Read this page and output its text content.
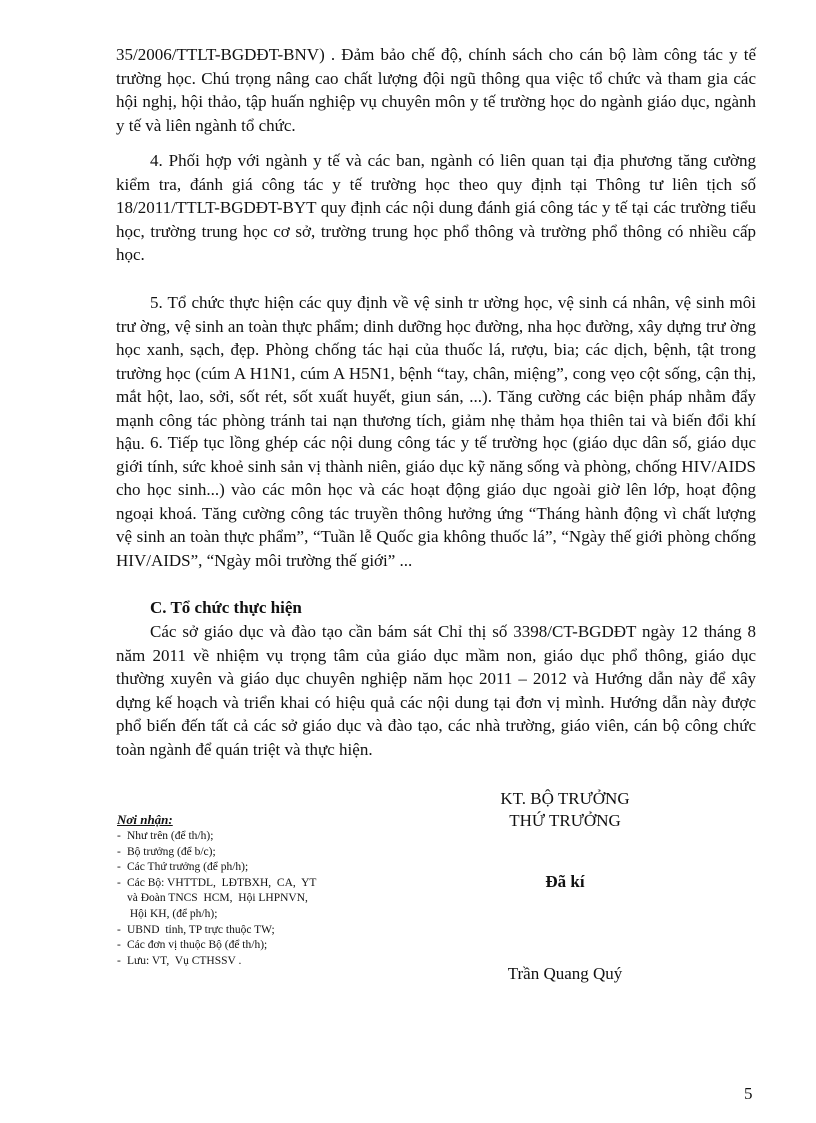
35/2006/TTLT-BGDĐT-BNV) . Đảm bảo chế độ, chính sách cho cán bộ làm công tác y tế trường học. Chú trọng nâng cao chất lượng đội ngũ thông qua việc tổ chức và tham gia các hội nghị, hội thảo, tập huấn nghiệp vụ chuyên môn y tế trường học do ngành giáo dục, ngành y tế và liên ngành tổ chức.

4. Phối hợp với ngành y tế và các ban, ngành có liên quan tại địa phương tăng cường kiểm tra, đánh giá công tác y tế trường học theo quy định tại Thông tư liên tịch số 18/2011/TTLT-BGDĐT-BYT quy định các nội dung đánh giá công tác y tế tại các trường tiểu học, trường trung học cơ sở, trường trung học phổ thông và trường phổ thông có nhiều cấp học.

5. Tổ chức thực hiện các quy định về vệ sinh tr ường học, vệ sinh cá nhân, vệ sinh môi trư ờng, vệ sinh an toàn thực phẩm; dinh dưỡng học đường, nha học đường, xây dựng trư ờng học xanh, sạch, đẹp. Phòng chống tác hại của thuốc lá, rượu, bia; các dịch, bệnh, tật trong trường học (cúm A H1N1, cúm A H5N1, bệnh “tay, chân, miệng”, cong vẹo cột sống, cận thị, mắt hột, lao, sởi, sốt rét, sốt xuất huyết, giun sán, ...). Tăng cường các biện pháp nhằm đẩy mạnh công tác phòng tránh tai nạn thương tích, giảm nhẹ thảm họa thiên tai và biến đổi khí hậu. 6. Tiếp tục lồng ghép các nội dung công tác y tế trường học (giáo dục dân số, giáo dục giới tính, sức khoẻ sinh sản vị thành niên, giáo dục kỹ năng sống và phòng, chống HIV/AIDS cho học sinh...) vào các môn học và các hoạt động giáo dục ngoài giờ lên lớp, hoạt động ngoại khoá. Tăng cường công tác truyền thông hưởng ứng “Tháng hành động vì chất lượng vệ sinh an toàn thực phẩm”, “Tuần lễ Quốc gia không thuốc lá”, “Ngày thế giới phòng chống HIV/AIDS”, “Ngày môi trường thế giới” ...

C. Tổ chức thực hiện

Các sở giáo dục và đào tạo cần bám sát Chỉ thị số 3398/CT-BGDĐT ngày 12 tháng 8 năm 2011 về nhiệm vụ trọng tâm của giáo dục mầm non, giáo dục phổ thông, giáo dục thường xuyên và giáo dục chuyên nghiệp năm học 2011 – 2012 và Hướng dẫn này để xây dựng kế hoạch và triển khai có hiệu quả các nội dung tại đơn vị mình. Hướng dẫn này được phổ biến đến tất cả các sở giáo dục và đào tạo, các nhà trường, giáo viên, cán bộ công chức toàn ngành để quán triệt và thực hiện.

KT. BỘ TRƯỞNG

THỨ TRƯỞNG

Đã kí

Trần Quang Quý

Nơi nhận:

- Như trên (để th/h);
- Bộ trưởng (để b/c);
- Các Thứ trưởng (để ph/h);
- Các Bộ: VHTTDL,  LĐTBXH,  CA,  YT
và Đoàn TNCS  HCM,  Hội LHPNVN,
Hội KH, (để ph/h);
- UBND  tỉnh, TP trực thuộc TW;
- Các đơn vị thuộc Bộ (để th/h);
- Lưu: VT,  Vụ CTHSSV .

5
